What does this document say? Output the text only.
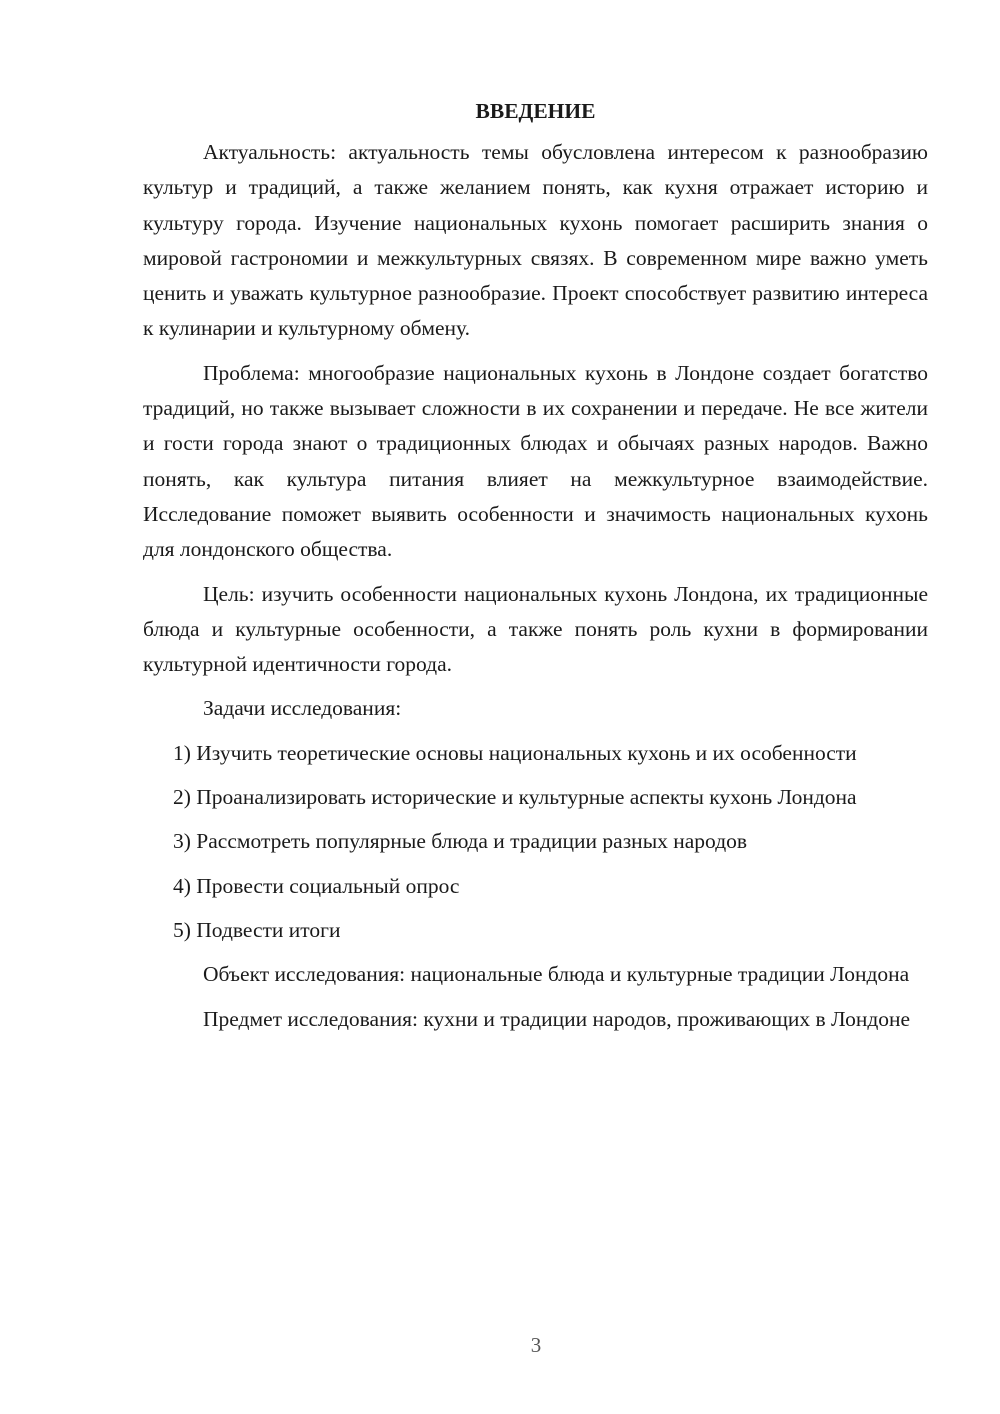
ВВЕДЕНИЕ

Актуальность: актуальность темы обусловлена интересом к разнообразию культур и традиций, а также желанием понять, как кухня отражает историю и культуру города. Изучение национальных кухонь помогает расширить знания о мировой гастрономии и межкультурных связях. В современном мире важно уметь ценить и уважать культурное разнообразие. Проект способствует развитию интереса к кулинарии и культурному обмену.

Проблема: многообразие национальных кухонь в Лондоне создает богатство традиций, но также вызывает сложности в их сохранении и передаче. Не все жители и гости города знают о традиционных блюдах и обычаях разных народов. Важно понять, как культура питания влияет на межкультурное взаимодействие. Исследование поможет выявить особенности и значимость национальных кухонь для лондонского общества.

Цель: изучить особенности национальных кухонь Лондона, их традиционные блюда и культурные особенности, а также понять роль кухни в формировании культурной идентичности города.

Задачи исследования:

1) Изучить теоретические основы национальных кухонь и их особенности

2) Проанализировать исторические и культурные аспекты кухонь Лондона

3) Рассмотреть популярные блюда и традиции разных народов

4) Провести социальный опрос

5) Подвести итоги

Объект исследования: национальные блюда и культурные традиции Лондона

Предмет исследования: кухни и традиции народов, проживающих в Лондоне

3
